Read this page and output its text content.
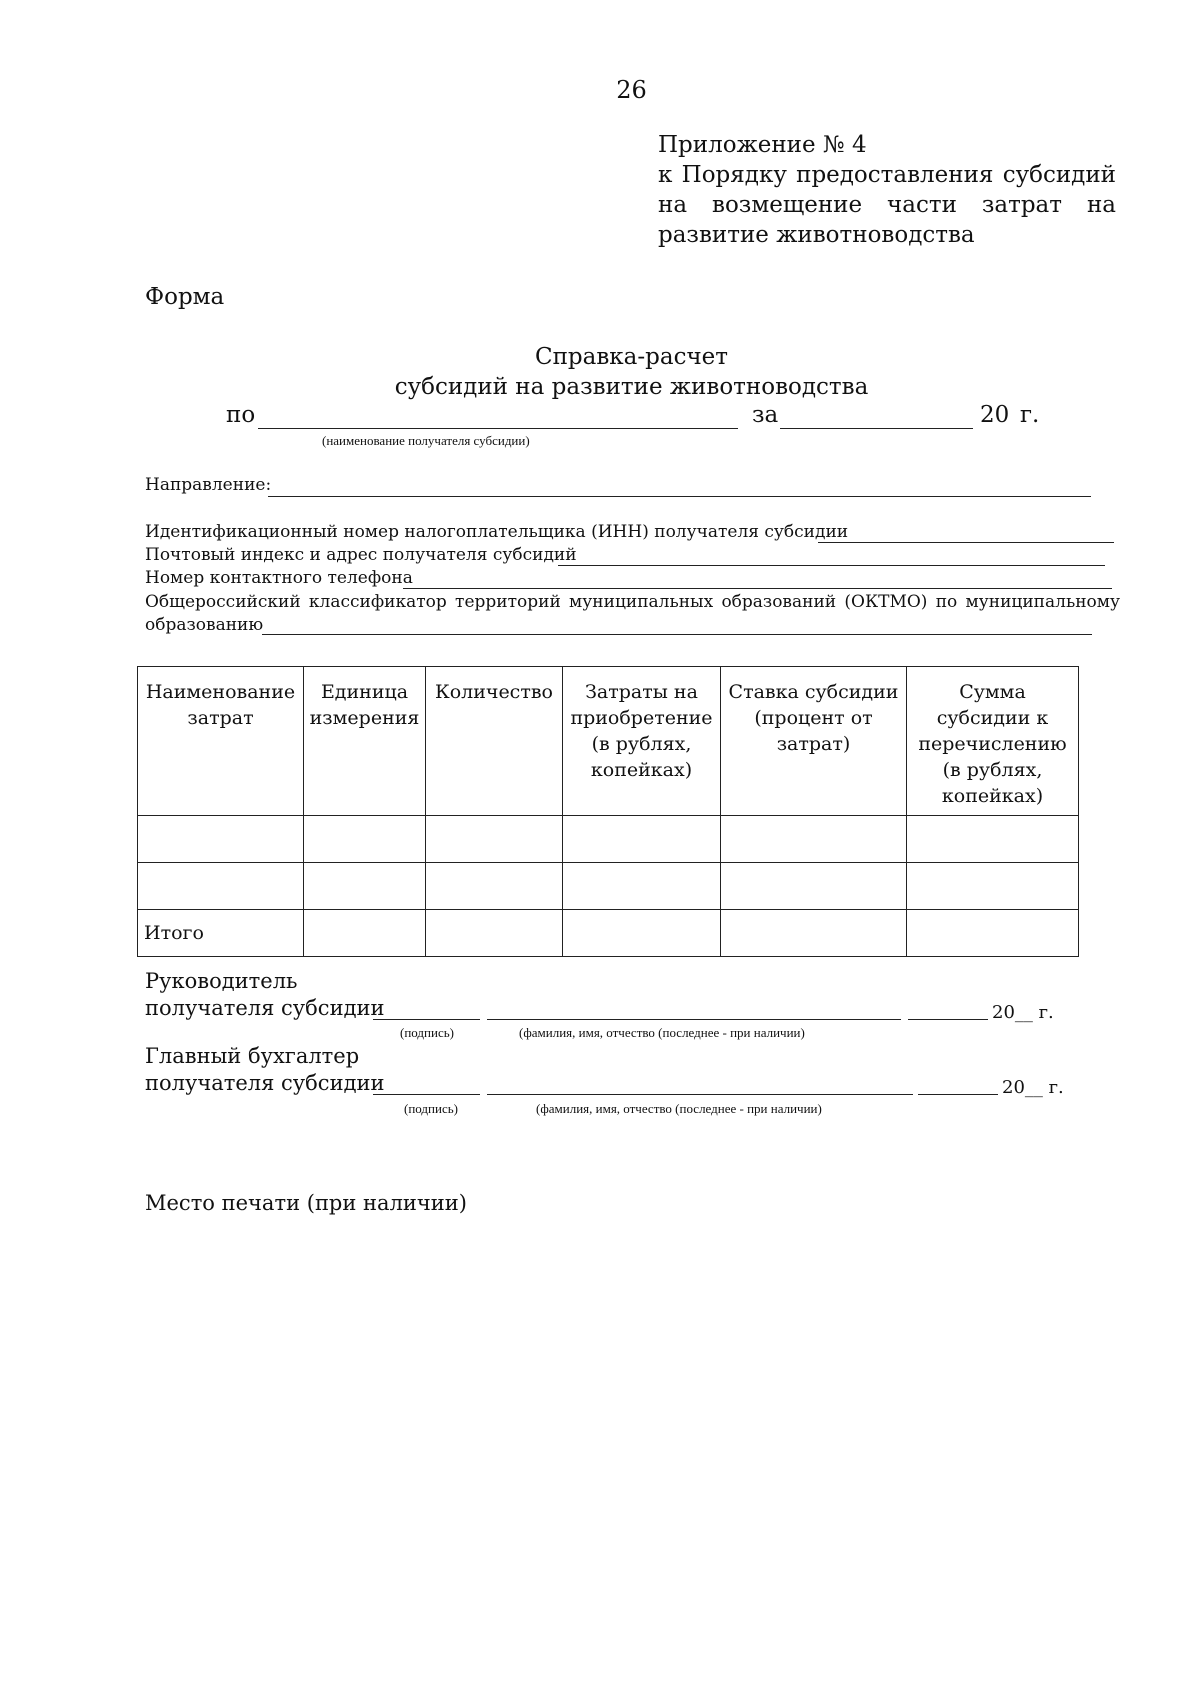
26
Приложение № 4
к Порядку предоставления субсидий на возмещение части затрат на развитие животноводства
Форма
Справка-расчет
субсидий на развитие животноводства
по	за	20 г.
(наименование получателя субсидии)
Направление:
Идентификационный номер налогоплательщика (ИНН) получателя субсидии
Почтовый индекс и адрес получателя субсидий
Номер контактного телефона
Общероссийский классификатор территорий муниципальных образований (ОКТМО) по муниципальному
образованию
Наименование затрат	Единица измерения	Количество	Затраты на приобретение (в рублях, копейках)	Ставка субсидии (процент от затрат)	Сумма субсидии к перечислению (в рублях, копейках)

Итого					
Руководитель
получателя субсидии	20__ г.
(подпись)	(фамилия, имя, отчество (последнее - при наличии)
Главный бухгалтер
получателя субсидии	20__ г.
(подпись)	(фамилия, имя, отчество (последнее - при наличии)
Место печати (при наличии)
